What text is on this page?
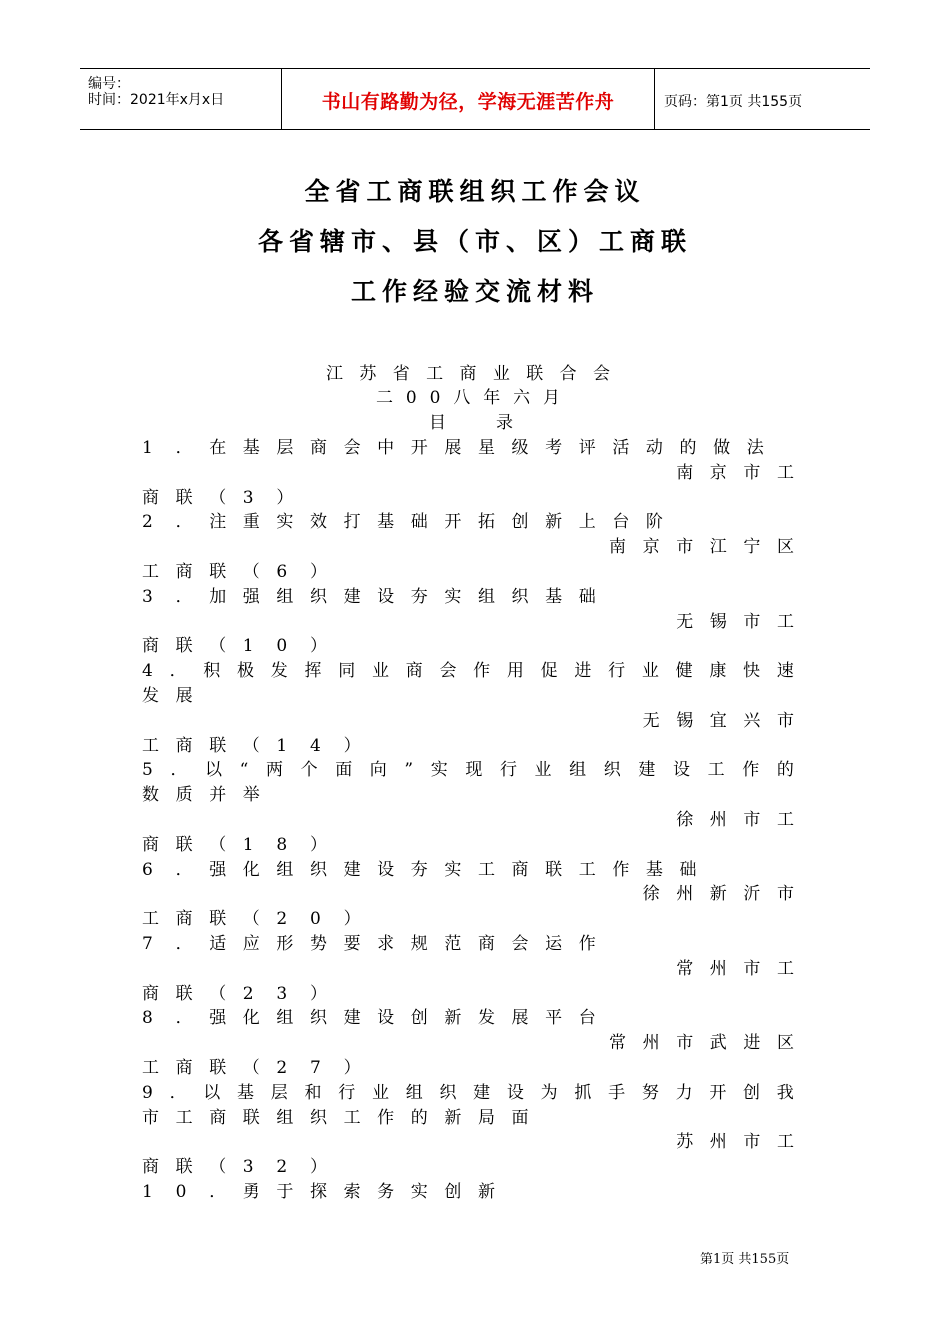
编号：
时间：2021年x月x日	书山有路勤为径，学海无涯苦作舟	页码：第1页 共155页
全省工商联组织工作会议
各省辖市、县（市、区）工商联
工作经验交流材料
江 苏 省 工 商 业 联 合 会
二 0 0 八 年 六 月
目
　	录
1	． 在 基 层 商 会 中 开 展 星 级 考 评 活 动 的 做 法
南 京 市 工
商 联 （ 3	）
2	． 注 重 实 效 打 基 础 开 拓 创 新 上 台 阶
南 京 市 江 宁 区
工 商 联 （ 6	）
3	． 加 强 组 织 建 设 夯 实 组 织 基 础
无 锡 市 工
商 联 （ 1	0	）
4 ． 积 极 发 挥 同 业 商 会 作 用 促 进 行 业 健 康 快 速
发 展
无 锡 宜 兴 市
工 商 联 （ 1	4	）
5 ． 以 “ 两 个 面 向 ” 实 现 行 业 组 织 建 设 工 作 的
数 质 并 举
徐 州 市 工
商 联 （ 1	8	）
6	． 强 化 组 织 建 设 夯 实 工 商 联 工 作 基 础
徐 州 新 沂 市
工 商 联 （ 2	0	）
7	． 适 应 形 势 要 求 规 范 商 会 运 作
常 州 市 工
商 联 （ 2	3	）
8	． 强 化 组 织 建 设 创 新 发 展 平 台
常 州 市 武 进 区
工 商 联 （ 2	7	）
9 ． 以 基 层 和 行 业 组 织 建 设 为 抓 手 努 力 开 创 我
市 工 商 联 组 织 工 作 的 新 局 面
苏 州 市 工
商 联 （ 3	2	）
1	0	． 勇 于 探 索 务 实 创 新
第1页 共155页
